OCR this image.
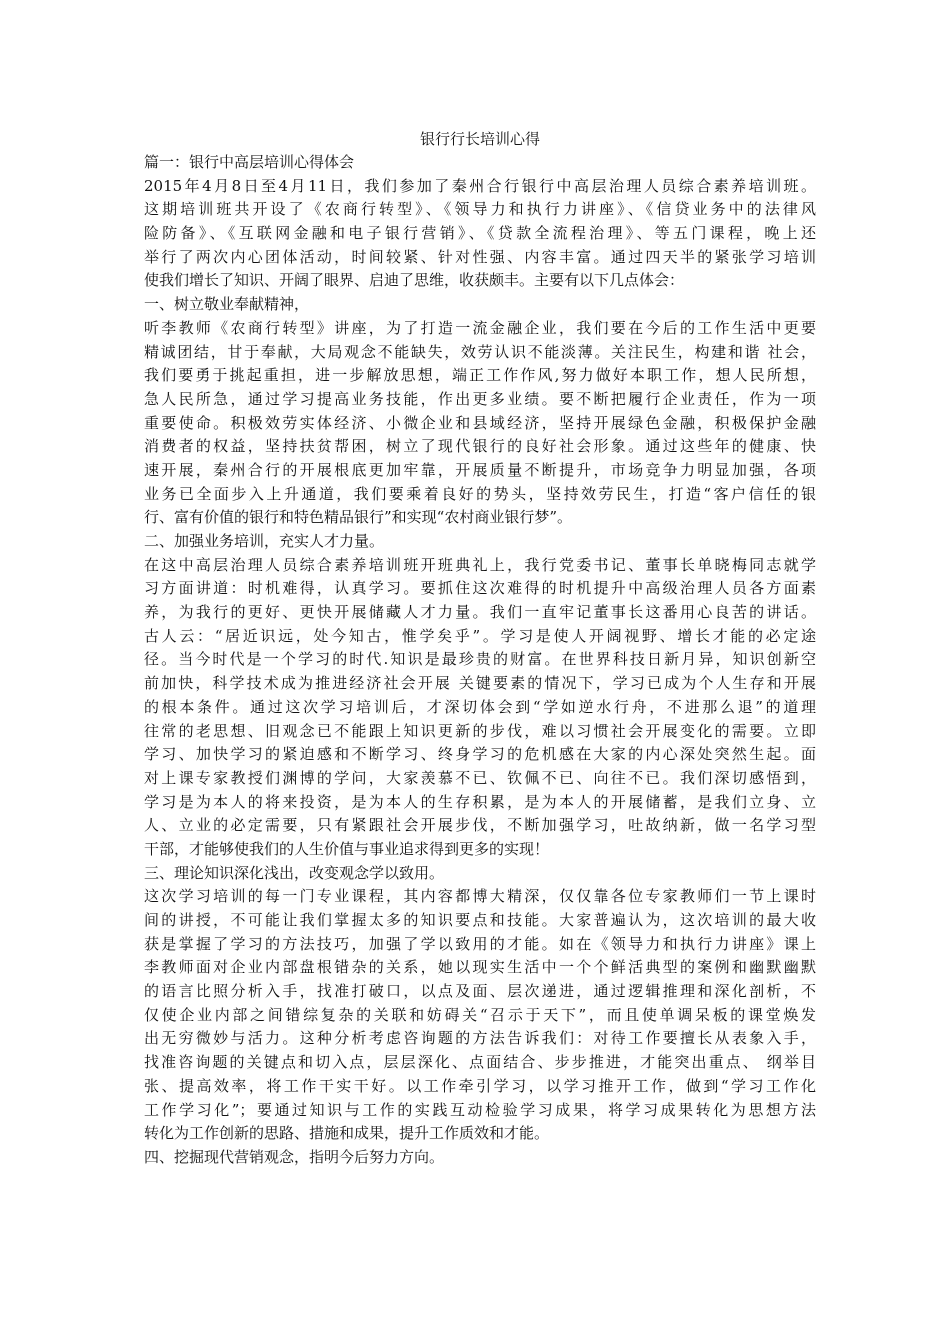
银行行长培训心得
篇一：银行中高层培训心得体会
2015年4月8日至4月11日，我们参加了秦州合行银行中高层治理人员综合素养培训班。
这期培训班共开设了《农商行转型》、《领导力和执行力讲座》、《信贷业务中的法律风
险防备》、《互联网金融和电子银行营销》、《贷款全流程治理》、等五门课程，晚上还
举行了两次内心团体活动，时间较紧、针对性强、内容丰富。通过四天半的紧张学习培训
使我们增长了知识、开阔了眼界、启迪了思维，收获颇丰。主要有以下几点体会：
一、树立敬业奉献精神，
听李教师《农商行转型》讲座，为了打造一流金融企业，我们要在今后的工作生活中更要
精诚团结，甘于奉献，大局观念不能缺失，效劳认识不能淡薄。关注民生，构建和谐 社会，
我们要勇于挑起重担，进一步解放思想，端正工作作风,努力做好本职工作，想人民所想，
急人民所急，通过学习提高业务技能，作出更多业绩。要不断把履行企业责任，作为一项
重要使命。积极效劳实体经济、小微企业和县域经济，坚持开展绿色金融，积极保护金融
消费者的权益，坚持扶贫帮困，树立了现代银行的良好社会形象。通过这些年的健康、快
速开展，秦州合行的开展根底更加牢靠，开展质量不断提升，市场竞争力明显加强，各项
业务已全面步入上升通道，我们要乘着良好的势头，坚持效劳民生，打造“客户信任的银
行、富有价值的银行和特色精品银行”和实现“农村商业银行梦”。
二、加强业务培训，充实人才力量。
在这中高层治理人员综合素养培训班开班典礼上，我行党委书记、董事长单晓梅同志就学
习方面讲道：时机难得，认真学习。要抓住这次难得的时机提升中高级治理人员各方面素
养，为我行的更好、更快开展储藏人才力量。我们一直牢记董事长这番用心良苦的讲话。
古人云：“居近识远，处今知古，惟学矣乎”。学习是使人开阔视野、增长才能的必定途
径。当今时代是一个学习的时代.知识是最珍贵的财富。在世界科技日新月异，知识创新空
前加快，科学技术成为推进经济社会开展 关键要素的情况下，学习已成为个人生存和开展
的根本条件。通过这次学习培训后，才深切体会到“学如逆水行舟，不进那么退”的道理
往常的老思想、旧观念已不能跟上知识更新的步伐，难以习惯社会开展变化的需要。立即
学习、加快学习的紧迫感和不断学习、终身学习的危机感在大家的内心深处突然生起。面
对上课专家教授们渊博的学问，大家羡慕不已、钦佩不已、向往不已。我们深切感悟到，
学习是为本人的将来投资，是为本人的生存积累，是为本人的开展储蓄，是我们立身、立
人、立业的必定需要，只有紧跟社会开展步伐，不断加强学习，吐故纳新，做一名学习型
干部，才能够使我们的人生价值与事业追求得到更多的实现！
三、理论知识深化浅出，改变观念学以致用。
这次学习培训的每一门专业课程，其内容都博大精深，仅仅靠各位专家教师们一节上课时
间的讲授，不可能让我们掌握太多的知识要点和技能。大家普遍认为，这次培训的最大收
获是掌握了学习的方法技巧，加强了学以致用的才能。如在《领导力和执行力讲座》课上
李教师面对企业内部盘根错杂的关系，她以现实生活中一个个鲜活典型的案例和幽默幽默
的语言比照分析入手，找准打破口，以点及面、层次递进，通过逻辑推理和深化剖析，不
仅使企业内部之间错综复杂的关联和妨碍关“召示于天下”，而且使单调呆板的课堂焕发
出无穷微妙与活力。这种分析考虑咨询题的方法告诉我们：对待工作要擅长从表象入手，
找准咨询题的关键点和切入点，层层深化、点面结合、步步推进，才能突出重点、 纲举目
张、提高效率，将工作干实干好。以工作牵引学习，以学习推开工作，做到“学习工作化
工作学习化”；要通过知识与工作的实践互动检验学习成果，将学习成果转化为思想方法
转化为工作创新的思路、措施和成果，提升工作质效和才能。
四、挖掘现代营销观念，指明今后努力方向。
